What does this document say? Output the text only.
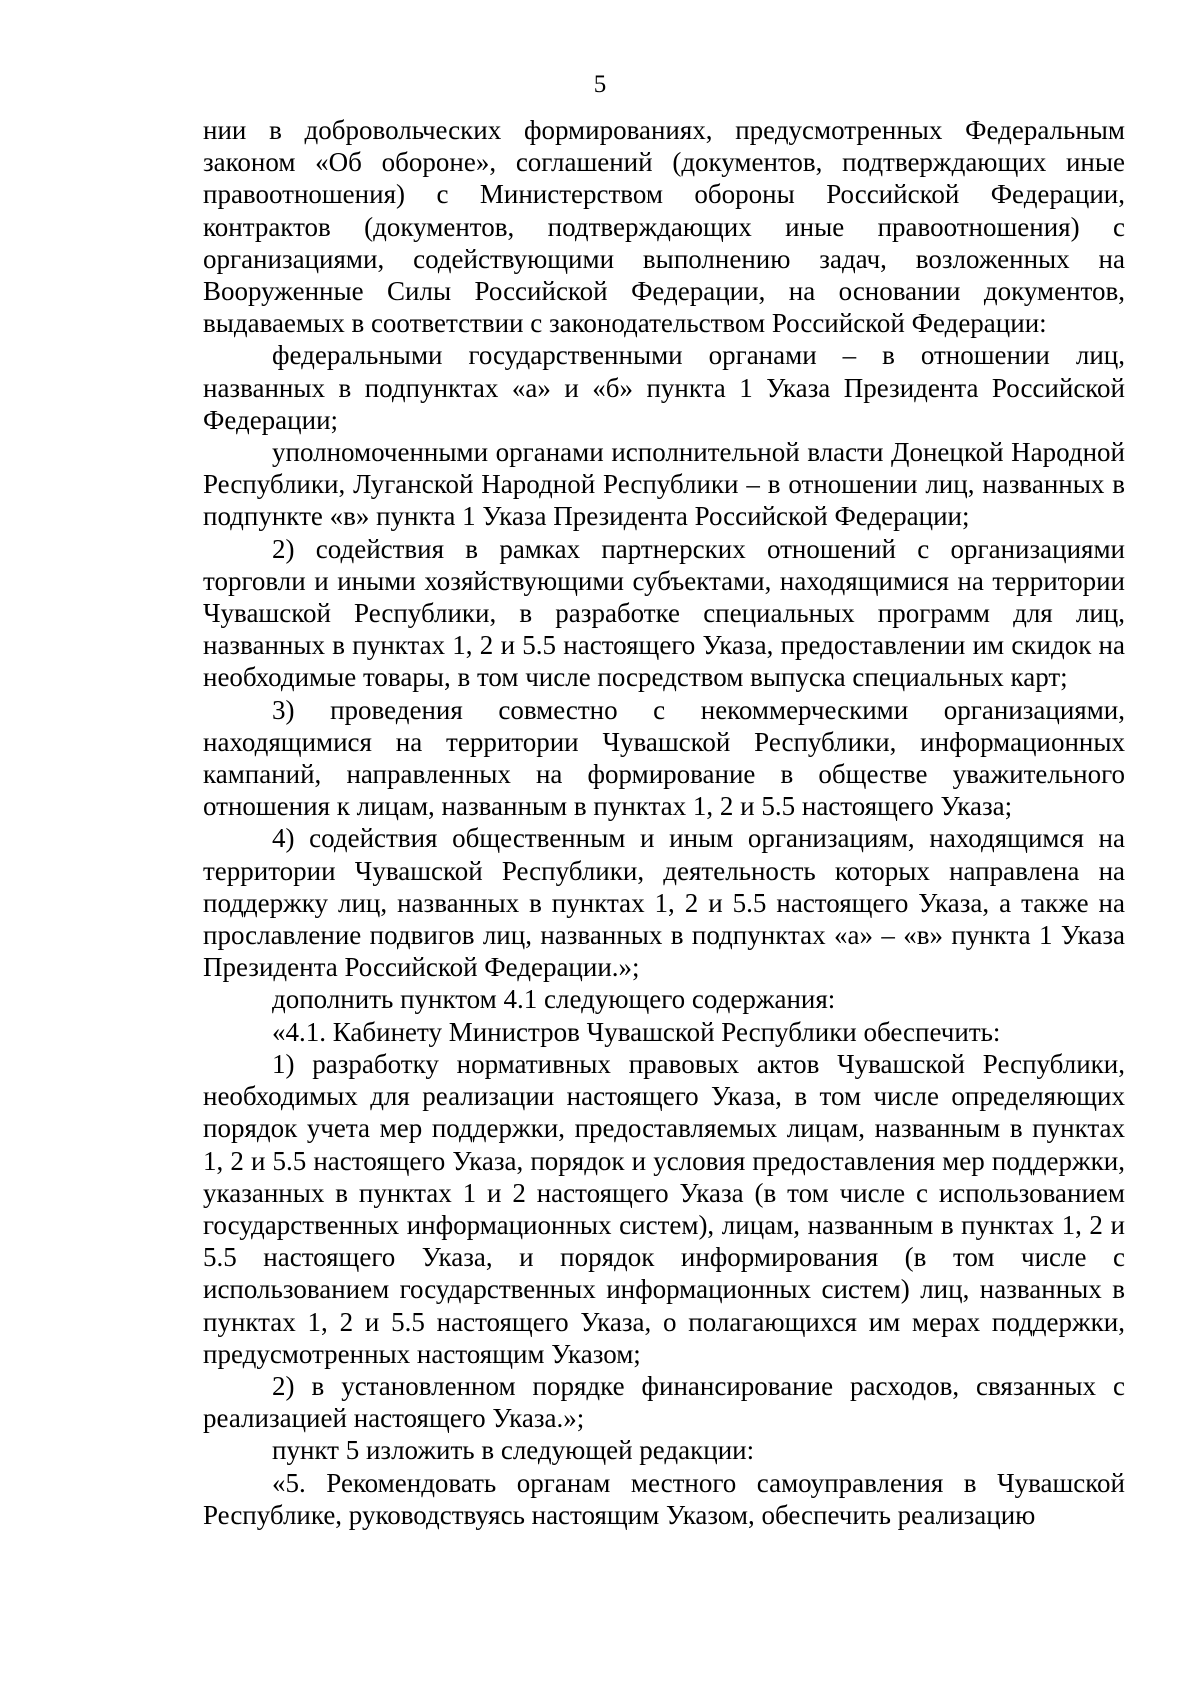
5

нии в добровольческих формированиях, предусмотренных Федеральным законом «Об обороне», соглашений (документов, подтверждающих иные правоотношения) с Министерством обороны Российской Федерации, контрактов (документов, подтверждающих иные правоотношения) с организациями, содействующими выполнению задач, возложенных на Вооруженные Силы Российской Федерации, на основании документов, выдаваемых в соответствии с законодательством Российской Федерации:

федеральными государственными органами – в отношении лиц, названных в подпунктах «а» и «б» пункта 1 Указа Президента Российской Федерации;

уполномоченными органами исполнительной власти Донецкой Народной Республики, Луганской Народной Республики – в отношении лиц, названных в подпункте «в» пункта 1 Указа Президента Российской Федерации;

2) содействия в рамках партнерских отношений с организациями торговли и иными хозяйствующими субъектами, находящимися на территории Чувашской Республики, в разработке специальных программ для лиц, названных в пунктах 1, 2 и 5.5 настоящего Указа, предоставлении им скидок на необходимые товары, в том числе посредством выпуска специальных карт;

3) проведения совместно с некоммерческими организациями, находящимися на территории Чувашской Республики, информационных кампаний, направленных на формирование в обществе уважительного отношения к лицам, названным в пунктах 1, 2 и 5.5 настоящего Указа;

4) содействия общественным и иным организациям, находящимся на территории Чувашской Республики, деятельность которых направлена на поддержку лиц, названных в пунктах 1, 2 и 5.5 настоящего Указа, а также на прославление подвигов лиц, названных в подпунктах «а» – «в» пункта 1 Указа Президента Российской Федерации.»;

дополнить пунктом 4.1 следующего содержания:

«4.1. Кабинету Министров Чувашской Республики обеспечить:

1) разработку нормативных правовых актов Чувашской Республики, необходимых для реализации настоящего Указа, в том числе определяющих порядок учета мер поддержки, предоставляемых лицам, названным в пунктах 1, 2 и 5.5 настоящего Указа, порядок и условия предоставления мер поддержки, указанных в пунктах 1 и 2 настоящего Указа (в том числе с использованием государственных информационных систем), лицам, названным в пунктах 1, 2 и 5.5 настоящего Указа, и порядок информирования (в том числе с использованием государственных информационных систем) лиц, названных в пунктах 1, 2 и 5.5 настоящего Указа, о полагающихся им мерах поддержки, предусмотренных настоящим Указом;

2) в установленном порядке финансирование расходов, связанных с реализацией настоящего Указа.»;

пункт 5 изложить в следующей редакции:

«5. Рекомендовать органам местного самоуправления в Чувашской Республике, руководствуясь настоящим Указом, обеспечить реализацию
